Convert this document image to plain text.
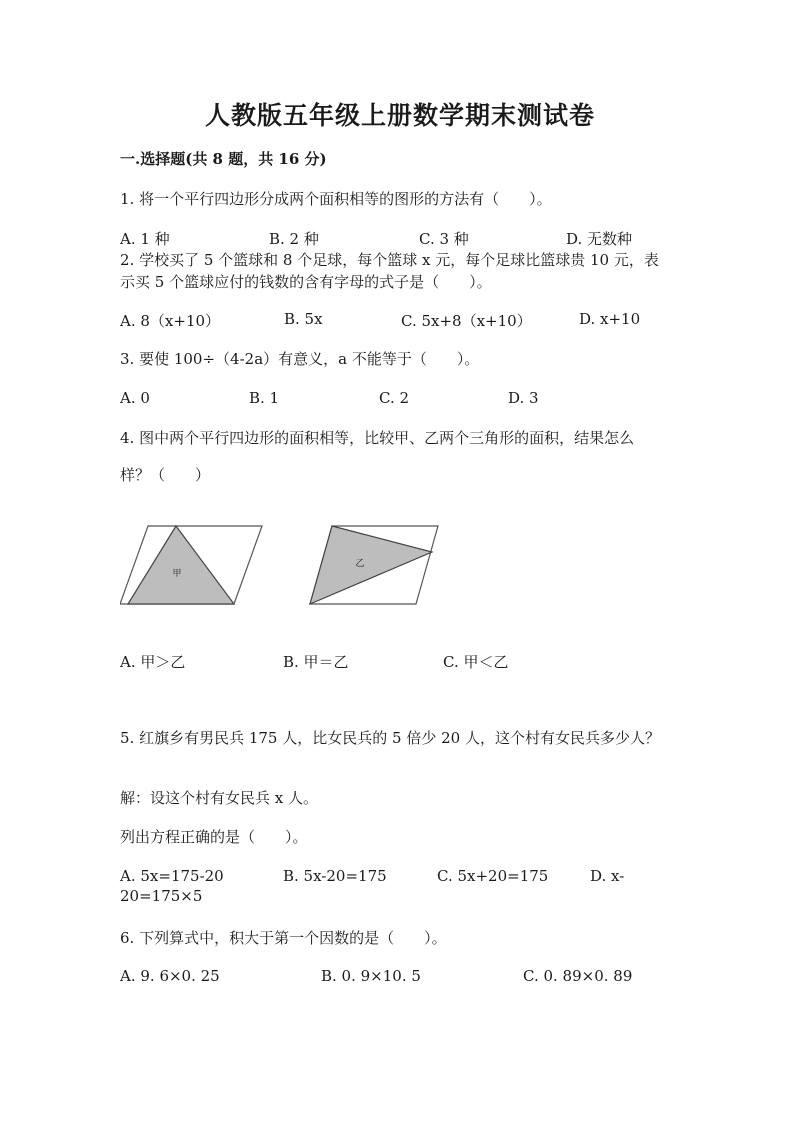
人教版五年级上册数学期末测试卷
一.选择题(共 8 题，共 16 分)
1. 将一个平行四边形分成两个面积相等的图形的方法有（　　）。
A. 1 种	B. 2 种	C. 3 种	D. 无数种
2. 学校买了 5 个篮球和 8 个足球，每个篮球 x 元，每个足球比篮球贵 10 元，表
示买 5 个篮球应付的钱数的含有字母的式子是（　　）。
A. 8（x+10）	B. 5x	C. 5x+8（x+10）	D. x+10
3. 要使 100÷（4-2a）有意义，a 不能等于（　　）。
A. 0	B. 1	C. 2	D. 3
4. 图中两个平行四边形的面积相等，比较甲、乙两个三角形的面积，结果怎么
样？（　　）
甲
乙
A. 甲＞乙	B. 甲＝乙	C. 甲＜乙
5. 红旗乡有男民兵 175 人，比女民兵的 5 倍少 20 人，这个村有女民兵多少人？
解：设这个村有女民兵 x 人。
列出方程正确的是（　　）。
A. 5x=175-20	B. 5x-20=175	C. 5x+20=175	D. x-
20=175×5
6. 下列算式中，积大于第一个因数的是（　　）。
A. 9. 6×0. 25	B. 0. 9×10. 5	C. 0. 89×0. 89
